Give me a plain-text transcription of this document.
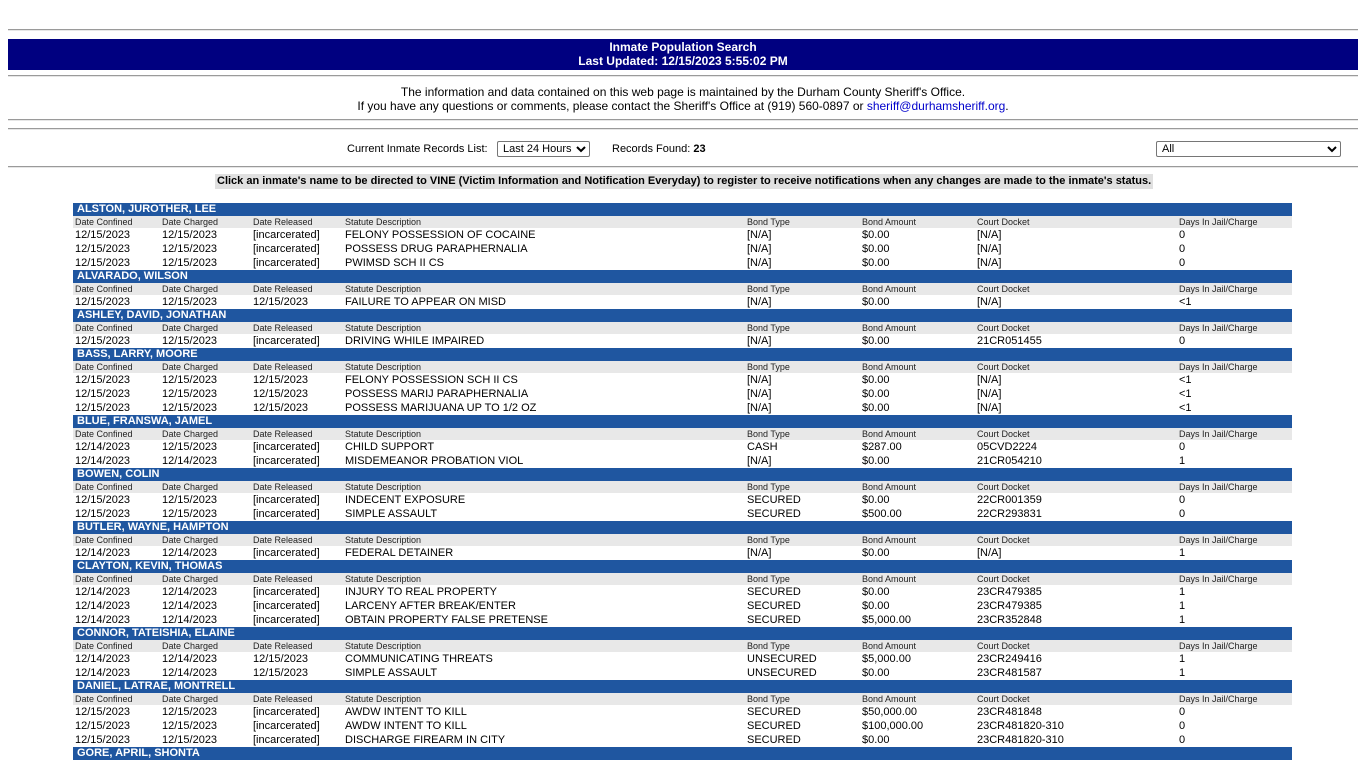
Inmate Population Search
Last Updated: 12/15/2023 5:55:02 PM
The information and data contained on this web page is maintained by the Durham County Sheriff's Office.
If you have any questions or comments, please contact the Sheriff's Office at (919) 560-0897 or sheriff@durhamsheriff.org.
Current Inmate Records List:
Last 24 Hours	Records Found: 23
All
Click an inmate's name to be directed to VINE (Victim Information and Notification Everyday) to register to receive notifications when any changes are made to the inmate's status.
ALSTON, JUROTHER, LEE
Date Confined	Date Charged	Date Released	Statute Description	Bond Type	Bond Amount	Court Docket	Days In Jail/Charge
12/15/2023	12/15/2023	[incarcerated] FELONY POSSESSION OF COCAINE	[N/A]	$0.00	[N/A]	0
12/15/2023	12/15/2023	[incarcerated] POSSESS DRUG PARAPHERNALIA	[N/A]	$0.00	[N/A]	0
12/15/2023	12/15/2023	[incarcerated] PWIMSD SCH II CS	[N/A]	$0.00	[N/A]	0
ALVARADO, WILSON
Date Confined	Date Charged	Date Released	Statute Description	Bond Type	Bond Amount	Court Docket	Days In Jail/Charge
12/15/2023	12/15/2023	12/15/2023	FAILURE TO APPEAR ON MISD	[N/A]	$0.00	[N/A]	<1
ASHLEY, DAVID, JONATHAN
Date Confined	Date Charged	Date Released	Statute Description	Bond Type	Bond Amount	Court Docket	Days In Jail/Charge
12/15/2023	12/15/2023	[incarcerated] DRIVING WHILE IMPAIRED	[N/A]	$0.00	21CR051455	0
BASS, LARRY, MOORE
Date Confined	Date Charged	Date Released	Statute Description	Bond Type	Bond Amount	Court Docket	Days In Jail/Charge
12/15/2023	12/15/2023	12/15/2023	FELONY POSSESSION SCH II CS	[N/A]	$0.00	[N/A]	<1
12/15/2023	12/15/2023	12/15/2023	POSSESS MARIJ PARAPHERNALIA	[N/A]	$0.00	[N/A]	<1
12/15/2023	12/15/2023	12/15/2023	POSSESS MARIJUANA UP TO 1/2 OZ	[N/A]	$0.00	[N/A]	<1
BLUE, FRANSWA, JAMEL
Date Confined	Date Charged	Date Released	Statute Description	Bond Type	Bond Amount	Court Docket	Days In Jail/Charge
12/14/2023	12/15/2023	[incarcerated] CHILD SUPPORT	CASH	$287.00	05CVD2224	0
12/14/2023	12/14/2023	[incarcerated] MISDEMEANOR PROBATION VIOL	[N/A]	$0.00	21CR054210	1
BOWEN, COLIN
Date Confined	Date Charged	Date Released	Statute Description	Bond Type	Bond Amount	Court Docket	Days In Jail/Charge
12/15/2023	12/15/2023	[incarcerated] INDECENT EXPOSURE	SECURED	$0.00	22CR001359	0
12/15/2023	12/15/2023	[incarcerated] SIMPLE ASSAULT	SECURED	$500.00	22CR293831	0
BUTLER, WAYNE, HAMPTON
Date Confined	Date Charged	Date Released	Statute Description	Bond Type	Bond Amount	Court Docket	Days In Jail/Charge
12/14/2023	12/14/2023	[incarcerated] FEDERAL DETAINER	[N/A]	$0.00	[N/A]	1
CLAYTON, KEVIN, THOMAS
Date Confined	Date Charged	Date Released	Statute Description	Bond Type	Bond Amount	Court Docket	Days In Jail/Charge
12/14/2023	12/14/2023	[incarcerated] INJURY TO REAL PROPERTY	SECURED	$0.00	23CR479385	1
12/14/2023	12/14/2023	[incarcerated] LARCENY AFTER BREAK/ENTER	SECURED	$0.00	23CR479385	1
12/14/2023	12/14/2023	[incarcerated] OBTAIN PROPERTY FALSE PRETENSE	SECURED	$5,000.00	23CR352848	1
CONNOR, TATEISHIA, ELAINE
Date Confined	Date Charged	Date Released	Statute Description	Bond Type	Bond Amount	Court Docket	Days In Jail/Charge
12/14/2023	12/14/2023	12/15/2023	COMMUNICATING THREATS	UNSECURED	$5,000.00	23CR249416	1
12/14/2023	12/14/2023	12/15/2023	SIMPLE ASSAULT	UNSECURED	$0.00	23CR481587	1
DANIEL, LATRAE, MONTRELL
Date Confined	Date Charged	Date Released	Statute Description	Bond Type	Bond Amount	Court Docket	Days In Jail/Charge
12/15/2023	12/15/2023	[incarcerated] AWDW INTENT TO KILL	SECURED	$50,000.00	23CR481848	0
12/15/2023	12/15/2023	[incarcerated] AWDW INTENT TO KILL	SECURED	$100,000.00	23CR481820-310	0
12/15/2023	12/15/2023	[incarcerated] DISCHARGE FIREARM IN CITY	SECURED	$0.00	23CR481820-310	0
GORE, APRIL, SHONTA
